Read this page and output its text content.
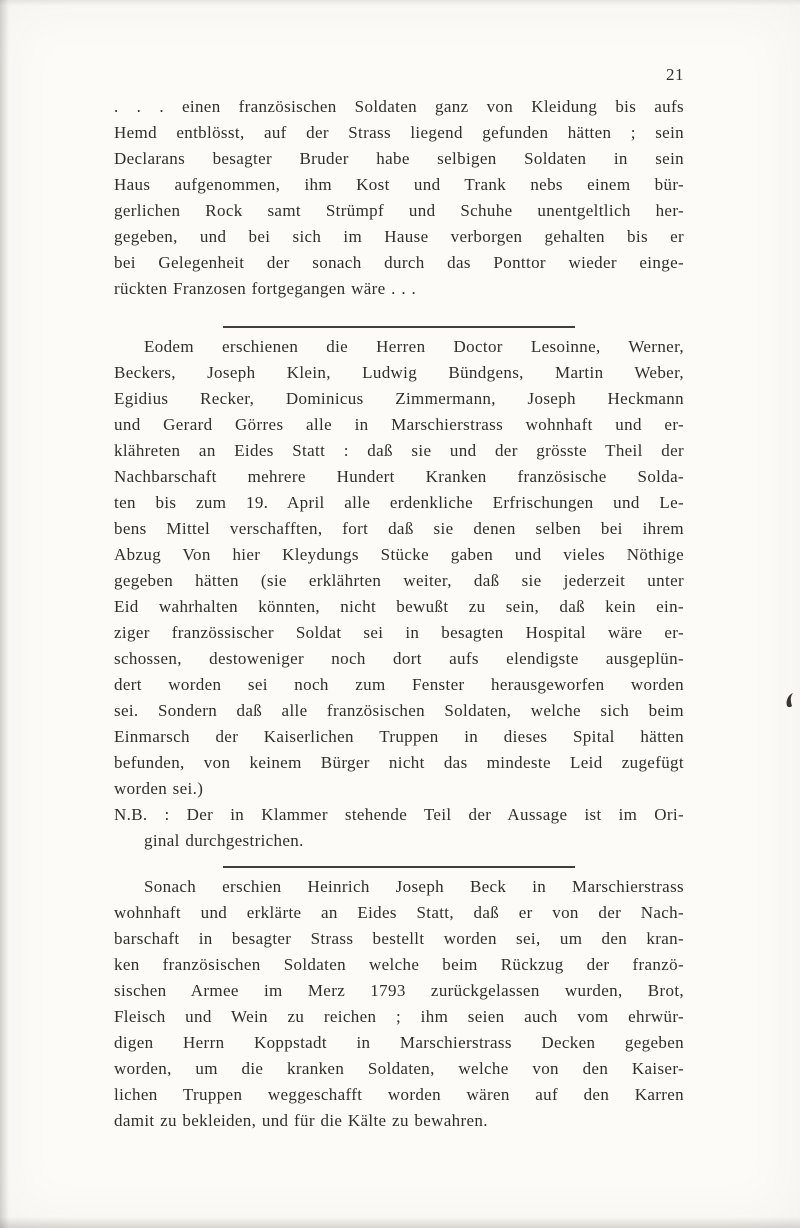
21
. . . einen französischen Soldaten ganz von Kleidung bis aufs
Hemd entblösst, auf der Strass liegend gefunden hätten ; sein
Declarans besagter Bruder habe selbigen Soldaten in sein
Haus aufgenommen, ihm Kost und Trank nebs einem bür-
gerlichen Rock samt Strümpf und Schuhe unentgeltlich her-
gegeben, und bei sich im Hause verborgen gehalten bis er
bei Gelegenheit der sonach durch das Ponttor wieder einge-
rückten Franzosen fortgegangen wäre . . .
Eodem erschienen die Herren Doctor Lesoinne, Werner,
Beckers, Joseph Klein, Ludwig Bündgens, Martin Weber,
Egidius Recker, Dominicus Zimmermann, Joseph Heckmann
und Gerard Görres alle in Marschierstrass wohnhaft und er-
klähreten an Eides Statt : daß sie und der grösste Theil der
Nachbarschaft mehrere Hundert Kranken französische Solda-
ten bis zum 19. April alle erdenkliche Erfrischungen und Le-
bens Mittel verschafften, fort daß sie denen selben bei ihrem
Abzug Von hier Kleydungs Stücke gaben und vieles Nöthige
gegeben hätten (sie erklährten weiter, daß sie jederzeit unter
Eid wahrhalten könnten, nicht bewußt zu sein, daß kein ein-
ziger französsischer Soldat sei in besagten Hospital wäre er-
schossen, destoweniger noch dort aufs elendigste ausgeplün-
dert worden sei noch zum Fenster herausgeworfen worden
sei. Sondern daß alle französischen Soldaten, welche sich beim
Einmarsch der Kaiserlichen Truppen in dieses Spital hätten
befunden, von keinem Bürger nicht das mindeste Leid zugefügt
worden sei.)
N.B. : Der in Klammer stehende Teil der Aussage ist im Ori-
ginal durchgestrichen.
Sonach erschien Heinrich Joseph Beck in Marschierstrass
wohnhaft und erklärte an Eides Statt, daß er von der Nach-
barschaft in besagter Strass bestellt worden sei, um den kran-
ken französischen Soldaten welche beim Rückzug der franzö-
sischen Armee im Merz 1793 zurückgelassen wurden, Brot,
Fleisch und Wein zu reichen ; ihm seien auch vom ehrwür-
digen Herrn Koppstadt in Marschierstrass Decken gegeben
worden, um die kranken Soldaten, welche von den Kaiser-
lichen Truppen weggeschafft worden wären auf den Karren
damit zu bekleiden, und für die Kälte zu bewahren.
